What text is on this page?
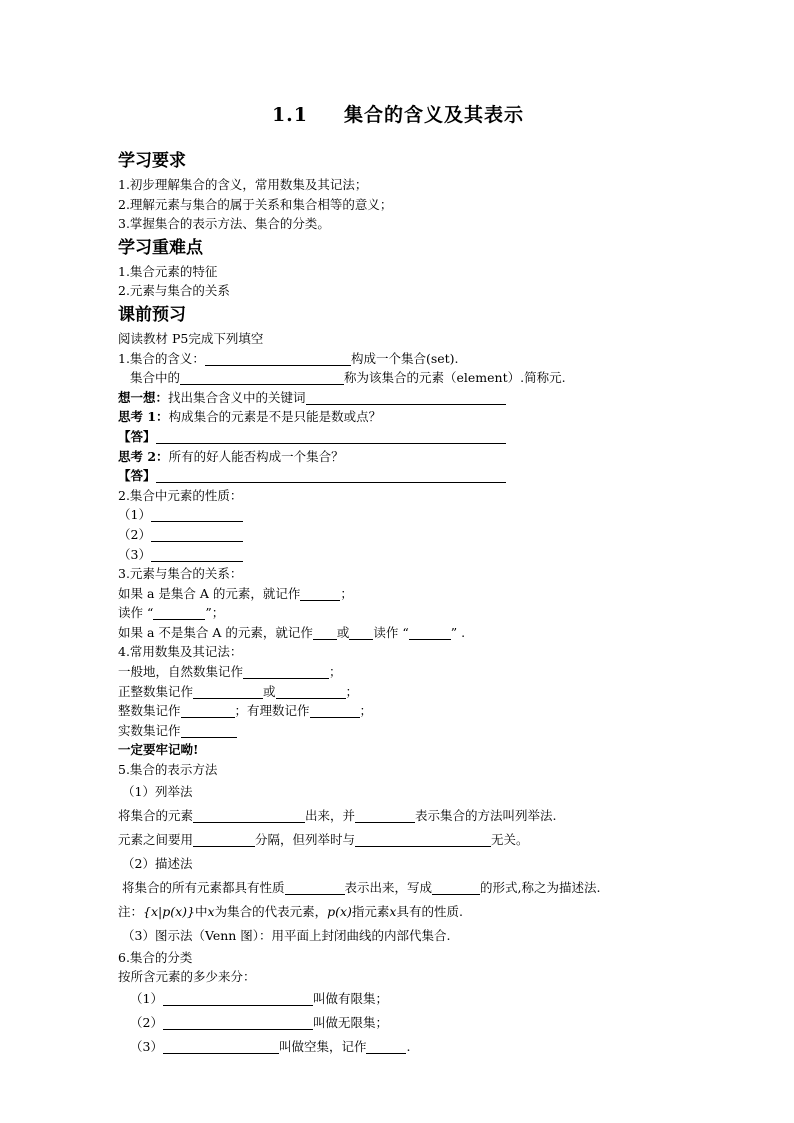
1.1 集合的含义及其表示
学习要求
1.初步理解集合的含义，常用数集及其记法；
2.理解元素与集合的属于关系和集合相等的意义；
3.掌握集合的表示方法、集合的分类。
学习重难点
1.集合元素的特征
2.元素与集合的关系
课前预习
阅读教材 P5完成下列填空
1.集合的含义：	构成一个集合(set).
集合中的	称为该集合的元素（element）.简称元.
想一想：找出集合含义中的关键词
思考 1：构成集合的元素是不是只能是数或点？
【答】
思考 2：所有的好人能否构成一个集合？
【答】
2.集合中元素的性质：
（1）
（2）
（3）
3.元素与集合的关系：
如果 a 是集合 A 的元素，就记作	；
读作 “	”；
如果 a 不是集合 A 的元素，就记作 或 读作 “	” .
4.常用数集及其记法：
一般地，自然数集记作	；
正整数集记作	或	；
整数集记作	；有理数记作	；
实数集记作
一定要牢记呦!
5.集合的表示方法
（1）列举法
将集合的元素	出来，并	表示集合的方法叫列举法.
元素之间要用	分隔，但列举时与	无关。
（2）描述法
将集合的所有元素都具有性质	表示出来，写成	的形式,称之为描述法.
注：{x|p(x)}中x为集合的代表元素，p(x)指元素x具有的性质.
（3）图示法（Venn 图）：用平面上封闭曲线的内部代集合.
6.集合的分类
按所含元素的多少来分：
（1）	叫做有限集；
（2）	叫做无限集；
（3）	叫做空集，记作	.
